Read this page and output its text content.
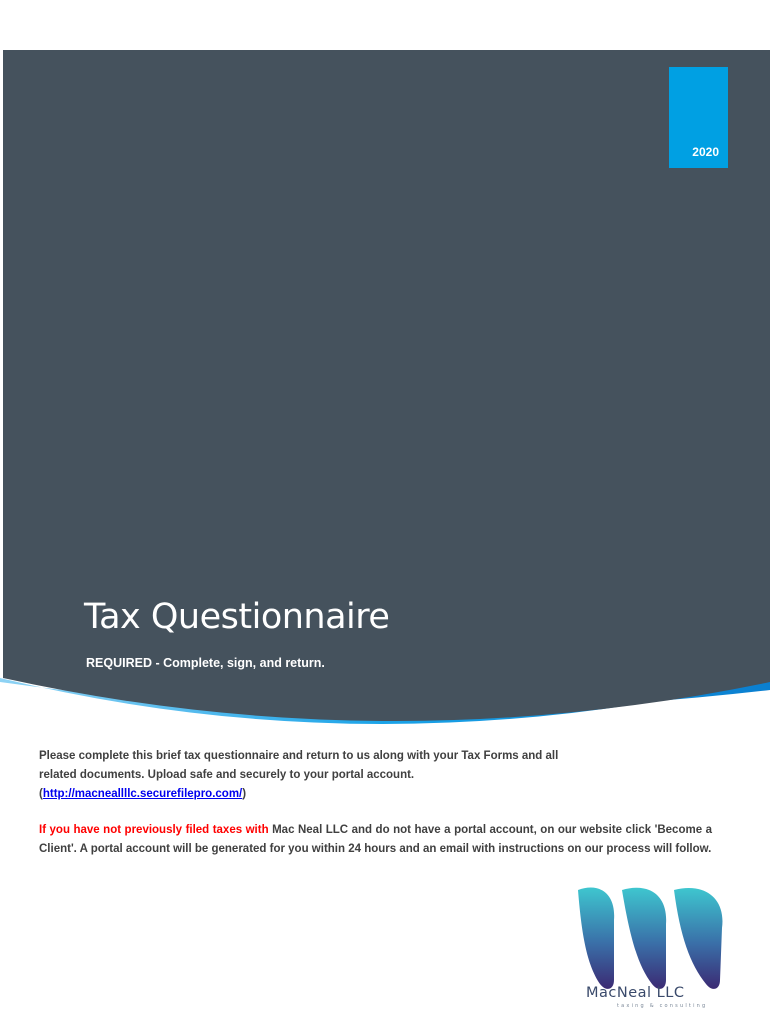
2020
Tax Questionnaire
REQUIRED - Complete, sign, and return.
Please complete this brief tax questionnaire and return to us along with your Tax Forms and all
related documents. Upload safe and securely to your portal account.
(http://macneallllc.securefilepro.com/)
If you have not previously filed taxes with Mac Neal LLC and do not have a portal account, on our website click 'Become a Client'. A portal account will be generated for you within 24 hours and an email with instructions on our process will follow.
MacNeal LLC
taxing & consulting
